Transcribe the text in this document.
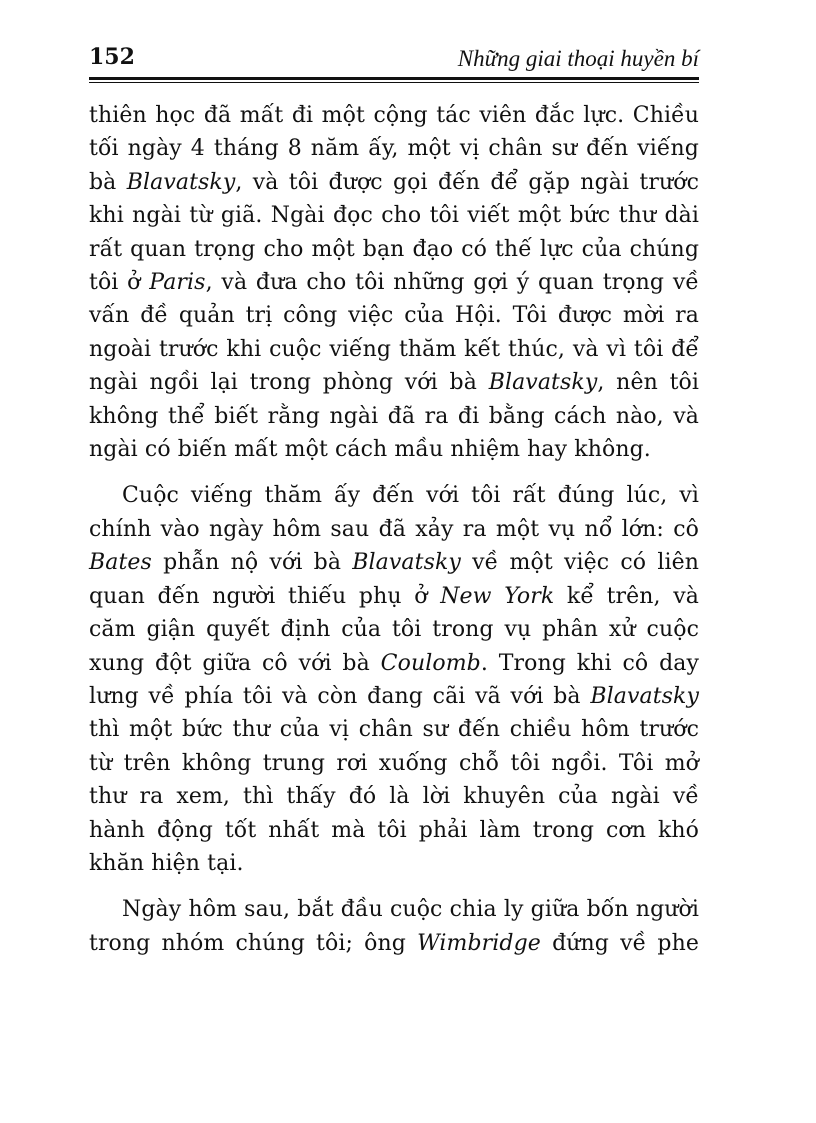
152	Những giai thoại huyền bí
thiên học đã mất đi một cộng tác viên đắc lực. Chiều
tối ngày 4 tháng 8 năm ấy, một vị chân sư đến viếng
bà Blavatsky, và tôi được gọi đến để gặp ngài trước
khi ngài từ giã. Ngài đọc cho tôi viết một bức thư dài
rất quan trọng cho một bạn đạo có thế lực của chúng
tôi ở Paris, và đưa cho tôi những gợi ý quan trọng về
vấn đề quản trị công việc của Hội. Tôi được mời ra
ngoài trước khi cuộc viếng thăm kết thúc, và vì tôi để
ngài ngồi lại trong phòng với bà Blavatsky, nên tôi
không thể biết rằng ngài đã ra đi bằng cách nào, và
ngài có biến mất một cách mầu nhiệm hay không.
Cuộc viếng thăm ấy đến với tôi rất đúng lúc, vì
chính vào ngày hôm sau đã xảy ra một vụ nổ lớn: cô
Bates phẫn nộ với bà Blavatsky về một việc có liên
quan đến người thiếu phụ ở New York kể trên, và
căm giận quyết định của tôi trong vụ phân xử cuộc
xung đột giữa cô với bà Coulomb. Trong khi cô day
lưng về phía tôi và còn đang cãi vã với bà Blavatsky
thì một bức thư của vị chân sư đến chiều hôm trước
từ trên không trung rơi xuống chỗ tôi ngồi. Tôi mở
thư ra xem, thì thấy đó là lời khuyên của ngài về
hành động tốt nhất mà tôi phải làm trong cơn khó
khăn hiện tại.
Ngày hôm sau, bắt đầu cuộc chia ly giữa bốn người
trong nhóm chúng tôi; ông Wimbridge đứng về phe
